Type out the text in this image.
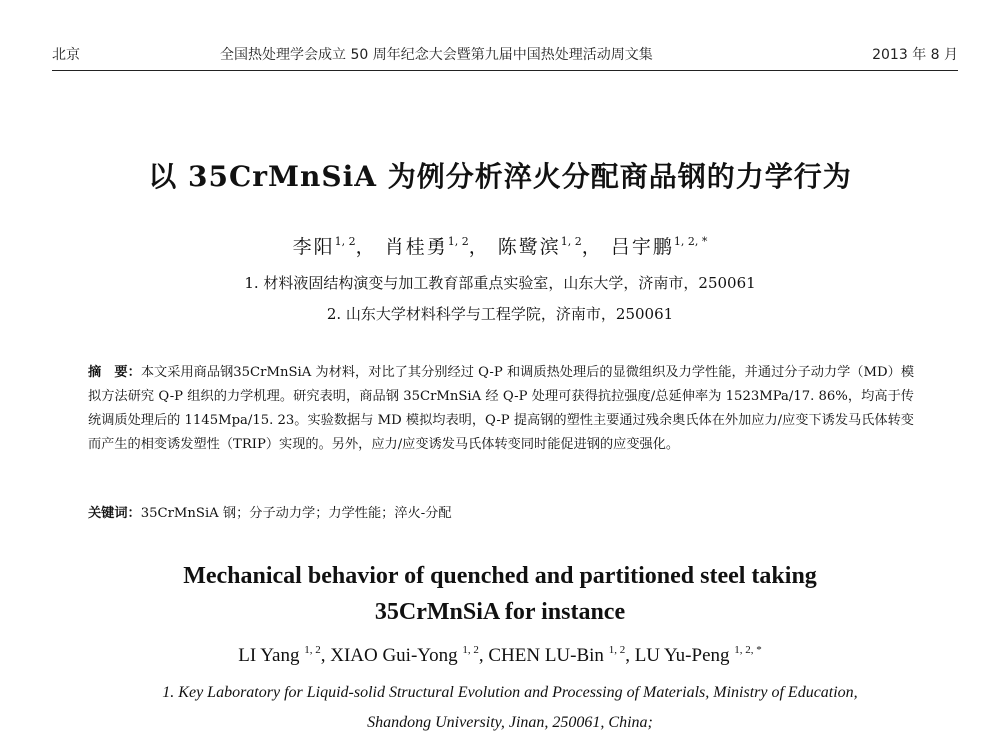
北京	全国热处理学会成立 50 周年纪念大会暨第九届中国热处理活动周文集	2013 年 8 月
以 35CrMnSiA 为例分析淬火分配商品钢的力学行为
李阳$^{1, 2}$， 肖桂勇$^{1, 2}$， 陈鹭滨$^{1, 2}$， 吕宇鹏$^{1, 2, *}$
1. 材料液固结构演变与加工教育部重点实验室，山东大学，济南市，250061
2. 山东大学材料科学与工程学院，济南市，250061
摘　要：本文采用商品钢35CrMnSiA 为材料，对比了其分别经过 Q-P 和调质热处理后的显微组织及力学性能，并通过分子动力学（MD）模拟方法研究 Q-P 组织的力学机理。研究表明，商品钢 35CrMnSiA 经 Q-P 处理可获得抗拉强度/总延伸率为 1523MPa/17. 86%，均高于传统调质处理后的 1145Mpa/15. 23。实验数据与 MD 模拟均表明，Q-P 提高钢的塑性主要通过残余奥氏体在外加应力/应变下诱发马氏体转变而产生的相变诱发塑性（TRIP）实现的。另外，应力/应变诱发马氏体转变同时能促进钢的应变强化。
关键词：35CrMnSiA 钢；分子动力学；力学性能；淬火-分配
Mechanical behavior of quenched and partitioned steel taking
35CrMnSiA for instance
LI Yang $^{1, 2}$, XIAO Gui-Yong $^{1, 2}$, CHEN LU-Bin $^{1, 2}$, LU Yu-Peng $^{1, 2, *}$
1. Key Laboratory for Liquid-solid Structural Evolution and Processing of Materials, Ministry of Education, Shandong University, Jinan, 250061, China;
